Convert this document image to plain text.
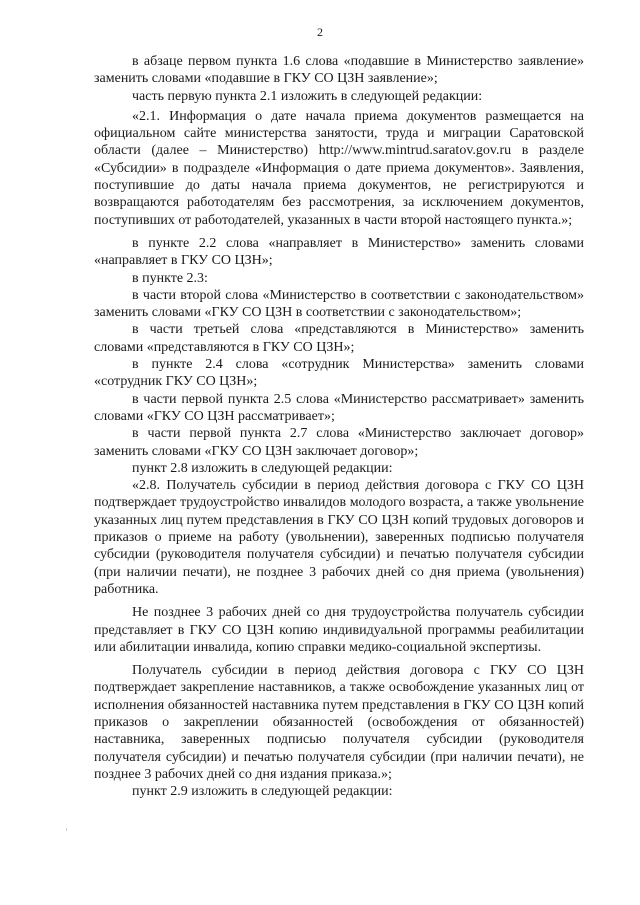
2

в абзаце первом пункта 1.6 слова «подавшие в Министерство заявление» заменить словами «подавшие в ГКУ СО ЦЗН заявление»;

часть первую пункта 2.1 изложить в следующей редакции:

«2.1. Информация о дате начала приема документов размещается на официальном сайте министерства занятости, труда и миграции Саратовской области (далее – Министерство) http://www.mintrud.saratov.gov.ru в разделе «Субсидии» в подразделе «Информация о дате приема документов». Заявления, поступившие до даты начала приема документов, не регистрируются и возвращаются работодателям без рассмотрения, за исключением документов, поступивших от работодателей, указанных в части второй настоящего пункта.»;

в пункте 2.2 слова «направляет в Министерство» заменить словами «направляет в ГКУ СО ЦЗН»;

в пункте 2.3:

в части второй слова «Министерство в соответствии с законодательством» заменить словами «ГКУ СО ЦЗН в соответствии с законодательством»;

в части третьей слова «представляются в Министерство» заменить словами «представляются в ГКУ СО ЦЗН»;

в пункте 2.4 слова «сотрудник Министерства» заменить словами «сотрудник ГКУ СО ЦЗН»;

в части первой пункта 2.5 слова «Министерство рассматривает» заменить словами «ГКУ СО ЦЗН рассматривает»;

в части первой пункта 2.7 слова «Министерство заключает договор» заменить словами «ГКУ СО ЦЗН заключает договор»;

пункт 2.8 изложить в следующей редакции:

«2.8. Получатель субсидии в период действия договора с ГКУ СО ЦЗН подтверждает трудоустройство инвалидов молодого возраста, а также увольнение указанных лиц путем представления в ГКУ СО ЦЗН копий трудовых договоров и приказов о приеме на работу (увольнении), заверенных подписью получателя субсидии (руководителя получателя субсидии) и печатью получателя субсидии (при наличии печати), не позднее 3 рабочих дней со дня приема (увольнения) работника.

Не позднее 3 рабочих дней со дня трудоустройства получатель субсидии представляет в ГКУ СО ЦЗН копию индивидуальной программы реабилитации или абилитации инвалида, копию справки медико-социальной экспертизы.

Получатель субсидии в период действия договора с ГКУ СО ЦЗН подтверждает закрепление наставников, а также освобождение указанных лиц от исполнения обязанностей наставника путем представления в ГКУ СО ЦЗН копий приказов о закреплении обязанностей (освобождения от обязанностей) наставника, заверенных подписью получателя субсидии (руководителя получателя субсидии) и печатью получателя субсидии (при наличии печати), не позднее 3 рабочих дней со дня издания приказа.»;

пункт 2.9 изложить в следующей редакции:
